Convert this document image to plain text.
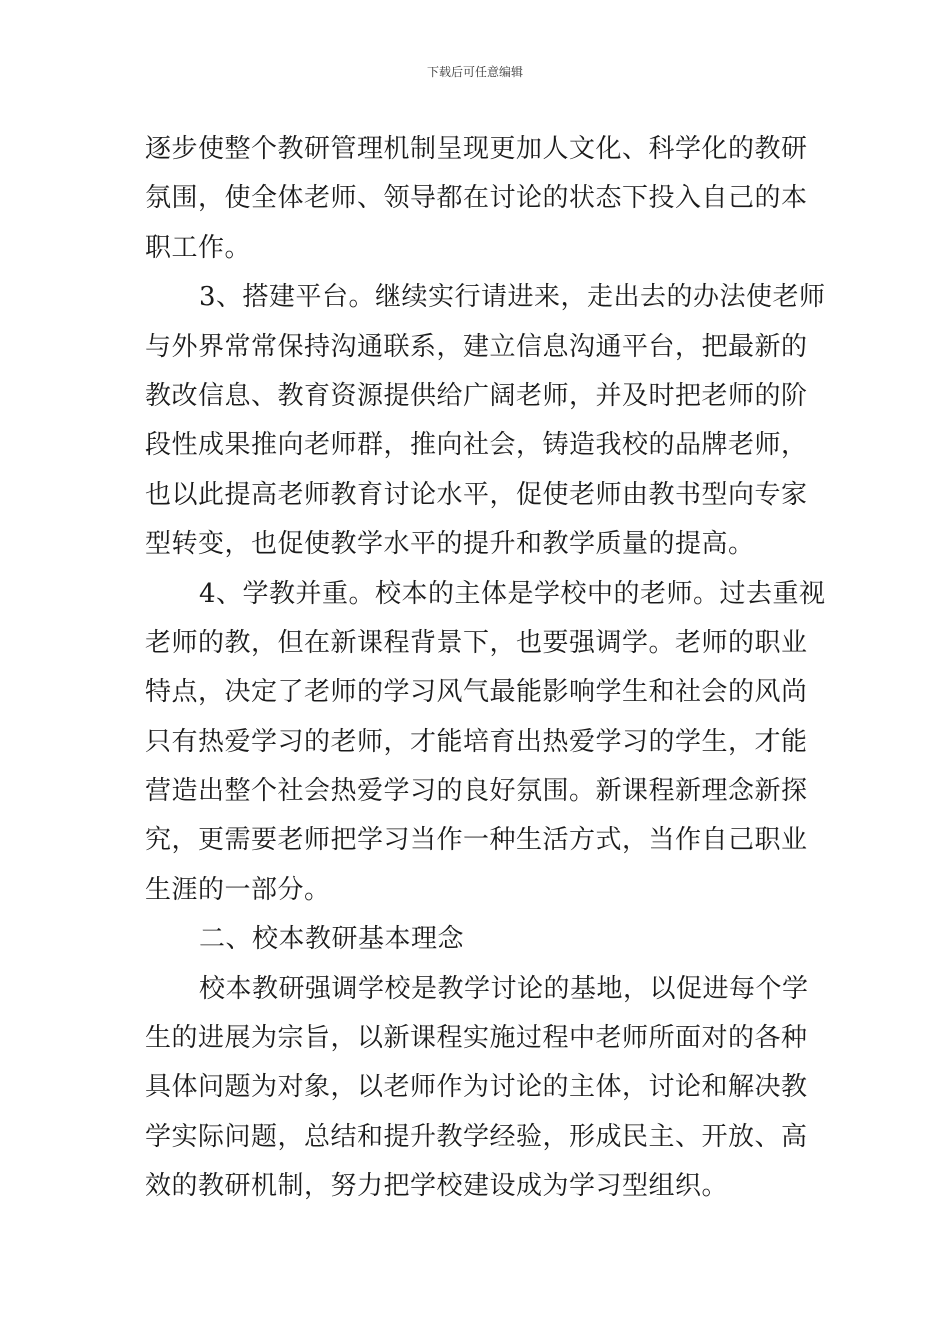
下载后可任意编辑
逐步使整个教研管理机制呈现更加人文化、科学化的教研
氛围，使全体老师、领导都在讨论的状态下投入自己的本
职工作。
3、搭建平台。继续实行请进来，走出去的办法使老师
与外界常常保持沟通联系，建立信息沟通平台，把最新的
教改信息、教育资源提供给广阔老师，并及时把老师的阶
段性成果推向老师群，推向社会，铸造我校的品牌老师，
也以此提高老师教育讨论水平，促使老师由教书型向专家
型转变，也促使教学水平的提升和教学质量的提高。
4、学教并重。校本的主体是学校中的老师。过去重视
老师的教，但在新课程背景下，也要强调学。老师的职业
特点，决定了老师的学习风气最能影响学生和社会的风尚
只有热爱学习的老师，才能培育出热爱学习的学生，才能
营造出整个社会热爱学习的良好氛围。新课程新理念新探
究，更需要老师把学习当作一种生活方式，当作自己职业
生涯的一部分。
二、校本教研基本理念
校本教研强调学校是教学讨论的基地，以促进每个学
生的进展为宗旨，以新课程实施过程中老师所面对的各种
具体问题为对象，以老师作为讨论的主体，讨论和解决教
学实际问题，总结和提升教学经验，形成民主、开放、高
效的教研机制，努力把学校建设成为学习型组织。
